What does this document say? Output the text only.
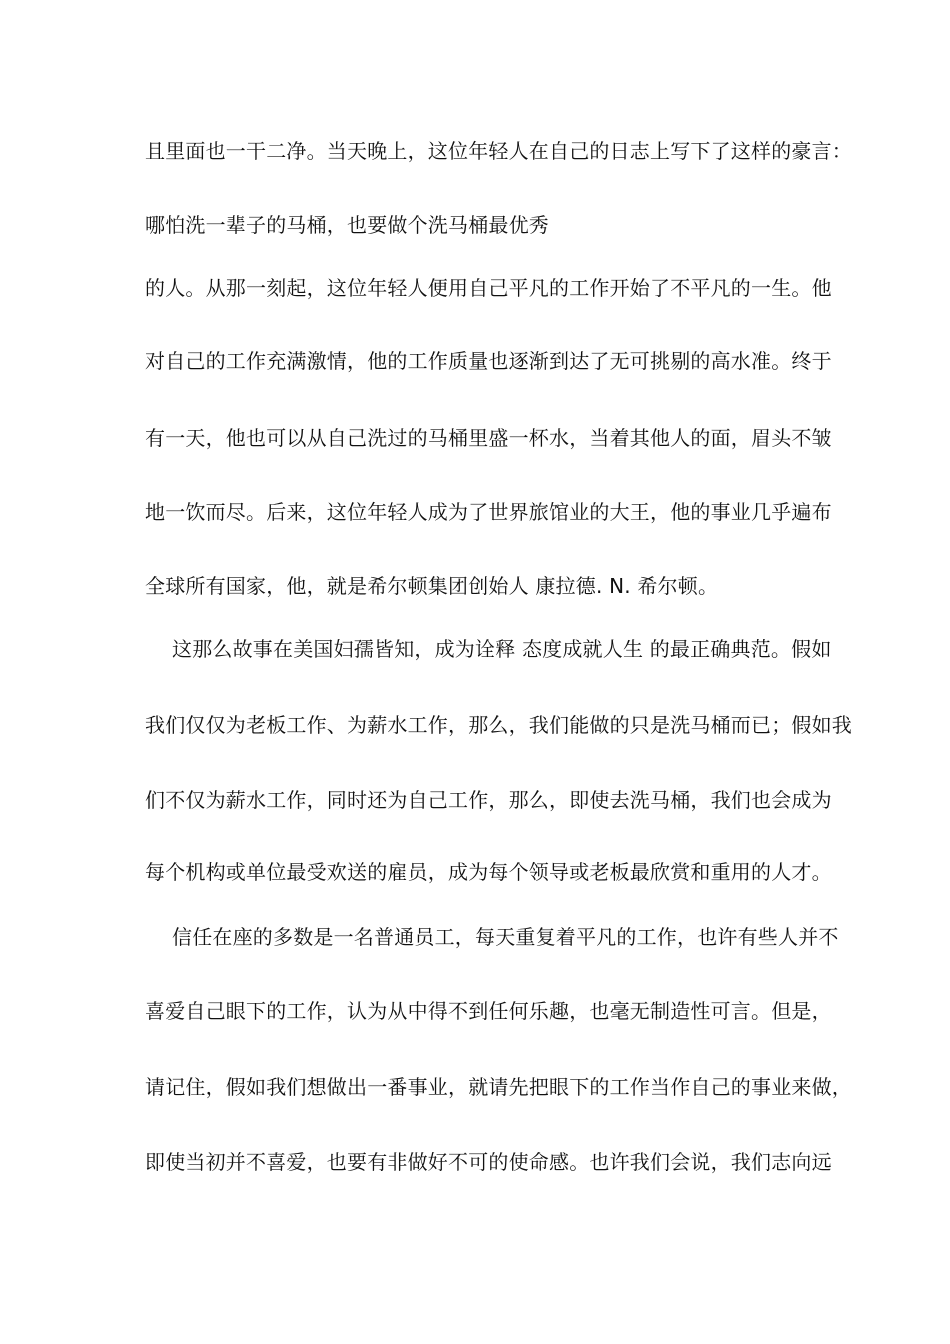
且里面也一干二净。当天晚上，这位年轻人在自己的日志上写下了这样的豪言：
哪怕洗一辈子的马桶，也要做个洗马桶最优秀
的人。从那一刻起，这位年轻人便用自己平凡的工作开始了不平凡的一生。他
对自己的工作充满激情，他的工作质量也逐渐到达了无可挑剔的高水准。终于
有一天，他也可以从自己洗过的马桶里盛一杯水，当着其他人的面，眉头不皱
地一饮而尽。后来，这位年轻人成为了世界旅馆业的大王，他的事业几乎遍布
全球所有国家，他，就是希尔顿集团创始人 康拉德. N. 希尔顿。
这那么故事在美国妇孺皆知，成为诠释 态度成就人生 的最正确典范。假如
我们仅仅为老板工作、为薪水工作，那么，我们能做的只是洗马桶而已；假如我
们不仅为薪水工作，同时还为自己工作，那么，即使去洗马桶，我们也会成为
每个机构或单位最受欢送的雇员，成为每个领导或老板最欣赏和重用的人才。
信任在座的多数是一名普通员工，每天重复着平凡的工作，也许有些人并不
喜爱自己眼下的工作，认为从中得不到任何乐趣，也毫无制造性可言。但是，
请记住，假如我们想做出一番事业，就请先把眼下的工作当作自己的事业来做，
即使当初并不喜爱，也要有非做好不可的使命感。也许我们会说，我们志向远
